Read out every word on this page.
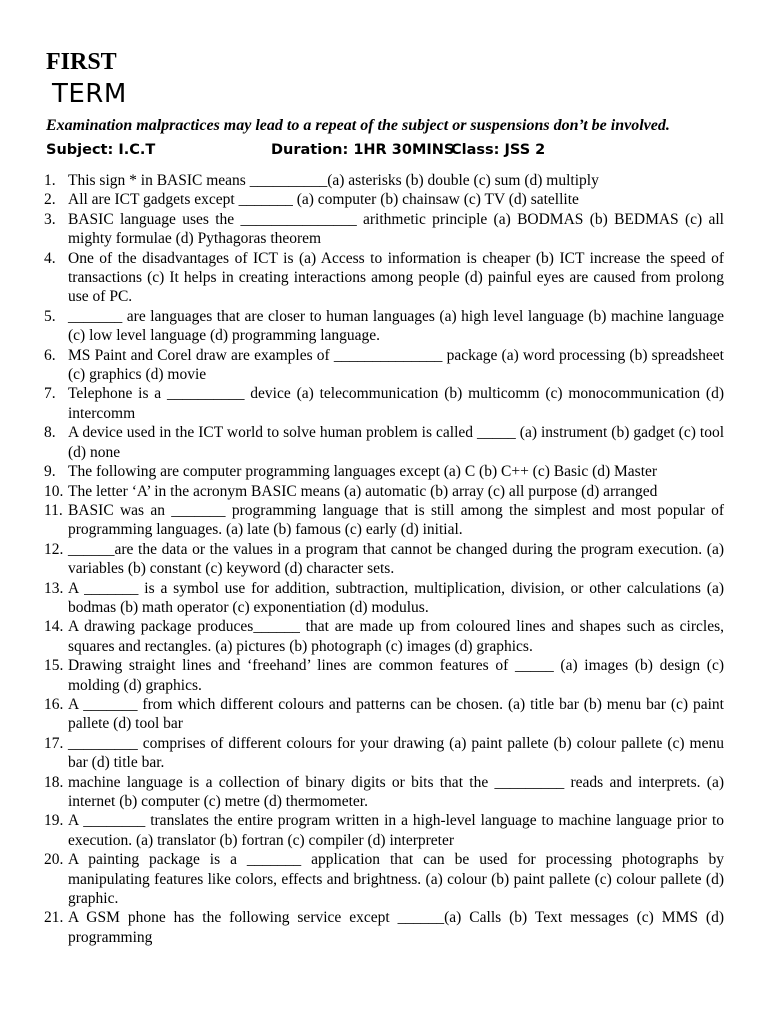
FIRST
TERM
Examination malpractices may lead to a repeat of the subject or suspensions don’t be involved.
Subject: I.C.T	Duration: 1HR 30MINS
Class: JSS 2
1. This sign * in BASIC means __________(a) asterisks (b) double (c) sum (d) multiply
2. All are ICT gadgets except _______ (a) computer (b) chainsaw (c) TV (d) satellite
3. BASIC language uses the _______________ arithmetic principle (a) BODMAS (b) BEDMAS (c) all mighty formulae (d) Pythagoras theorem
4. One of the disadvantages of ICT is (a) Access to information is cheaper (b) ICT increase the speed of transactions (c) It helps in creating interactions among people (d) painful eyes are caused from prolong use of PC.
5. _______ are languages that are closer to human languages (a) high level language (b) machine language (c) low level language (d) programming language.
6. MS Paint and Corel draw are examples of ______________ package (a) word processing (b) spreadsheet (c) graphics (d) movie
7. Telephone is a __________ device (a) telecommunication (b) multicomm (c) monocommunication (d) intercomm
8. A device used in the ICT world to solve human problem is called _____ (a) instrument (b) gadget (c) tool (d) none
9. The following are computer programming languages except (a) C (b) C++ (c) Basic (d) Master
10. The letter ‘A’ in the acronym BASIC means (a) automatic (b) array (c) all purpose (d) arranged
11. BASIC was an _______ programming language that is still among the simplest and most popular of programming languages. (a) late (b) famous (c) early (d) initial.
12. ______are the data or the values in a program that cannot be changed during the program execution. (a) variables (b) constant (c) keyword (d) character sets.
13. A _______ is a symbol use for addition, subtraction, multiplication, division, or other calculations (a) bodmas (b) math operator (c) exponentiation (d) modulus.
14. A drawing package produces______ that are made up from coloured lines and shapes such as circles, squares and rectangles. (a) pictures (b) photograph (c) images (d) graphics.
15. Drawing straight lines and ‘freehand’ lines are common features of _____ (a) images (b) design (c) molding (d) graphics.
16. A _______ from which different colours and patterns can be chosen. (a) title bar (b) menu bar (c) paint pallete (d) tool bar
17. _________ comprises of different colours for your drawing (a) paint pallete (b) colour pallete (c) menu bar (d) title bar.
18. machine language is a collection of binary digits or bits that the _________ reads and interprets. (a) internet (b) computer (c) metre (d) thermometer.
19. A ________ translates the entire program written in a high-level language to machine language prior to execution. (a) translator (b) fortran (c) compiler (d) interpreter
20. A painting package is a _______ application that can be used for processing photographs by manipulating features like colors, effects and brightness. (a) colour (b) paint pallete (c) colour pallete (d) graphic.
21. A GSM phone has the following service except ______(a) Calls (b) Text messages (c) MMS (d) programming
